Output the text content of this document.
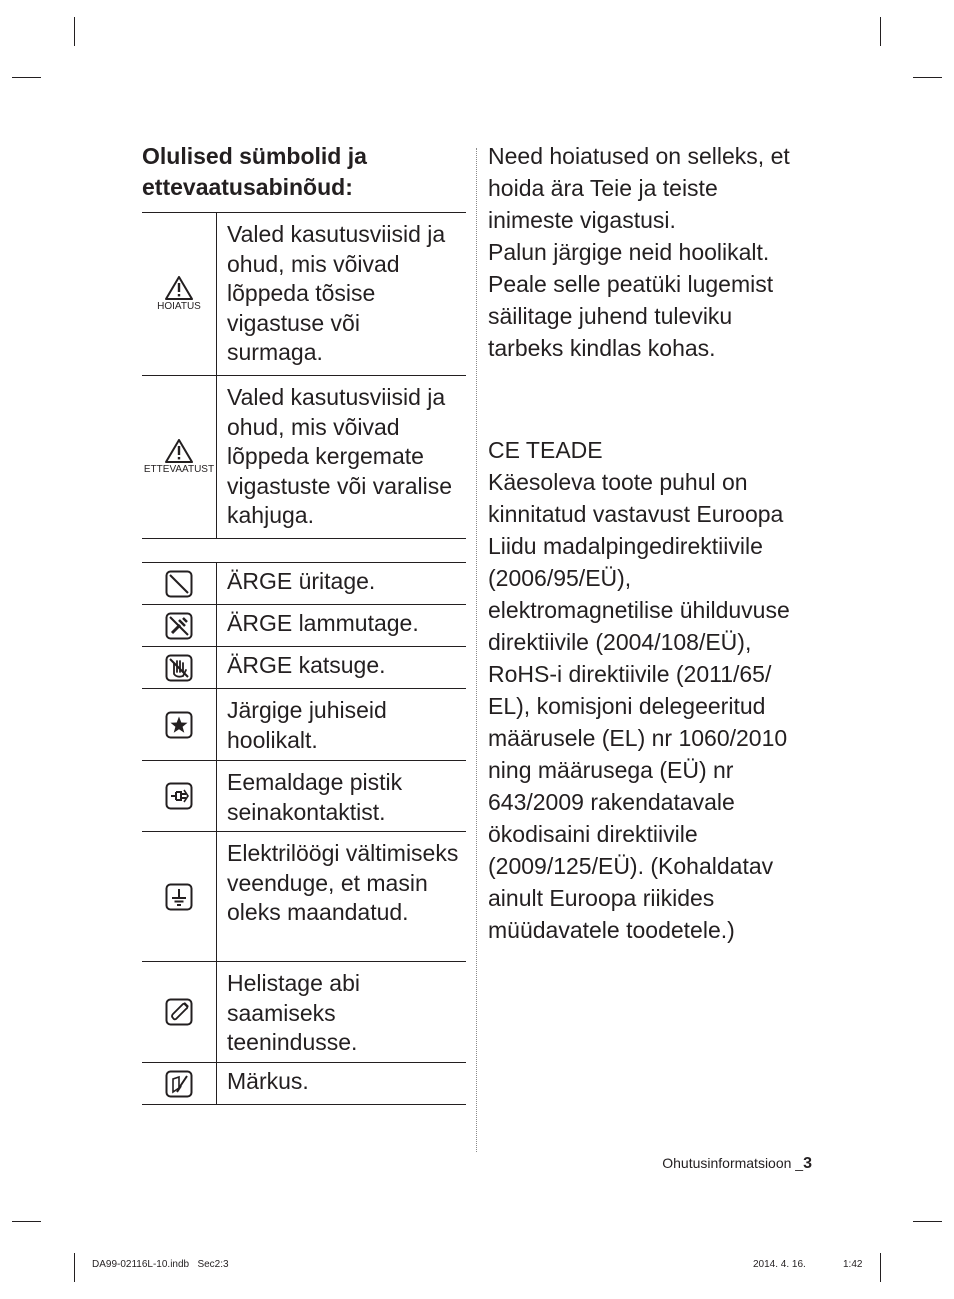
Olulised sümbolid ja
ettevaatusabinõud:
HOIATUS
Valed kasutusviisid ja ohud, mis võivad lõppeda tõsise vigastuse või surmaga.
ETTEVAATUST
Valed kasutusviisid ja ohud, mis võivad lõppeda kergemate vigastuste või varalise kahjuga.
ÄRGE üritage.
ÄRGE lammutage.
ÄRGE katsuge.
Järgige juhiseid hoolikalt.
Eemaldage pistik seinakontaktist.
Elektrilöögi vältimiseks veenduge, et masin oleks maandatud.
Helistage abi saamiseks teenindusse.
Märkus.

Need hoiatused on selleks, et hoida ära Teie ja teiste inimeste vigastusi.

Palun järgige neid hoolikalt. Peale selle peatüki lugemist säilitage juhend tuleviku tarbeks kindlas kohas.

CE TEADE

Käesoleva toote puhul on kinnitatud vastavust Euroopa Liidu madalpingedirektiivile (2006/95/EÜ), elektromagnetilise ühilduvuse direktiivile (2004/108/EÜ), RoHS-i direktiivile (2011/65/ EL), komisjoni delegeeritud määrusele (EL) nr 1060/2010 ning määrusega (EÜ) nr 643/2009 rakendatavale ökodisaini direktiivile (2009/125/EÜ). (Kohaldatav ainult Euroopa riikides müüdavatele toodetele.)

Ohutusinformatsioon _3
DA99-02116L-10.indb   Sec2:3	2014. 4. 16.	1:42
